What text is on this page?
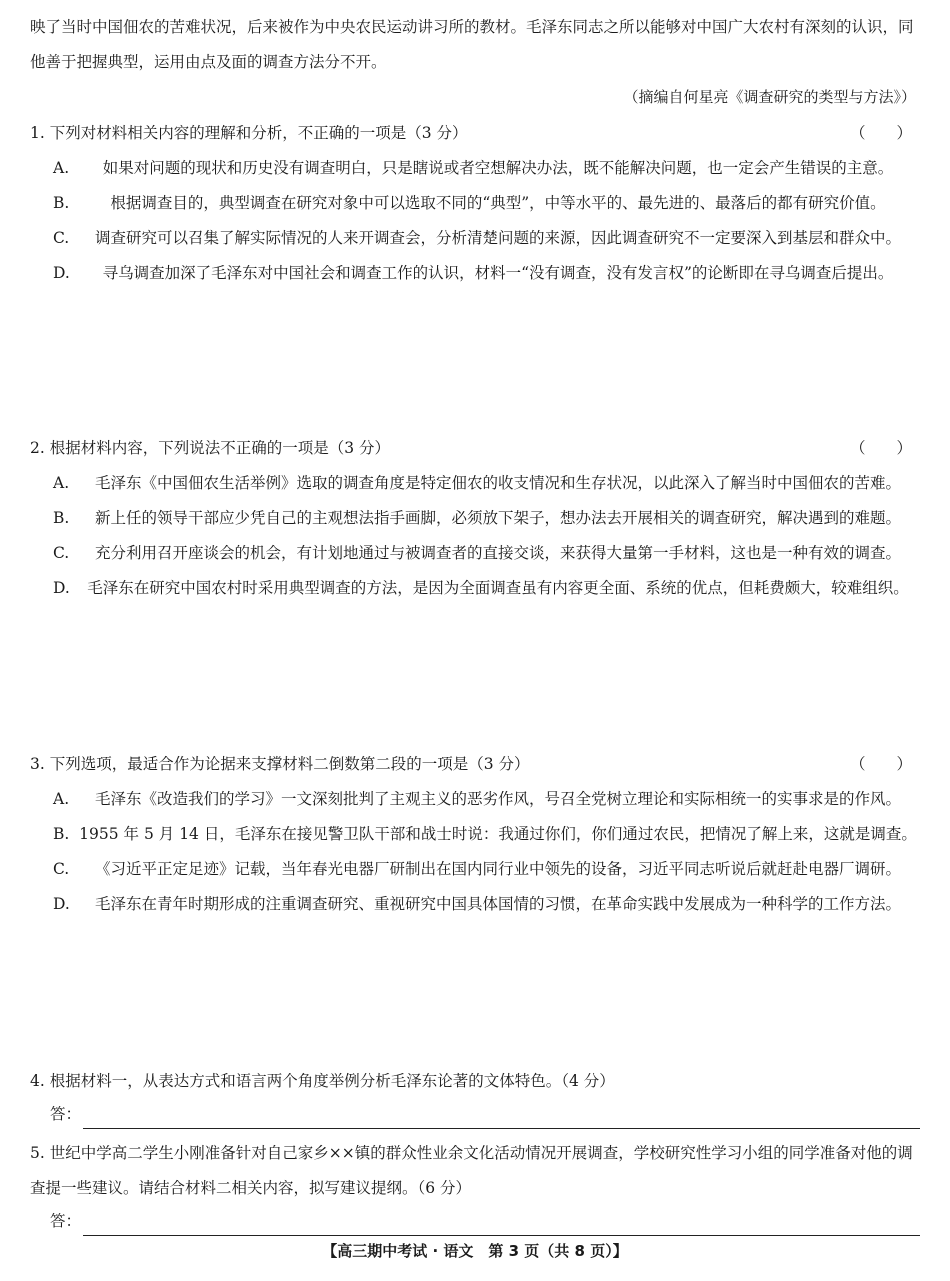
映了当时中国佃农的苦难状况，后来被作为中央农民运动讲习所的教材。毛泽东同志之所以能够对中国广大农村有深刻的认识，同他善于把握典型，运用由点及面的调查方法分不开。
（摘编自何星亮《调查研究的类型与方法》）
1. 下列对材料相关内容的理解和分析，不正确的一项是（3 分）	（　　）
A.	如果对问题的现状和历史没有调查明白，只是瞎说或者空想解决办法，既不能解决问题，也一定会产生错误的主意。
B.	根据调查目的，典型调查在研究对象中可以选取不同的“典型”，中等水平的、最先进的、最落后的都有研究价值。
C.	调查研究可以召集了解实际情况的人来开调查会，分析清楚问题的来源，因此调查研究不一定要深入到基层和群众中。
D.	寻乌调查加深了毛泽东对中国社会和调查工作的认识，材料一“没有调查，没有发言权”的论断即在寻乌调查后提出。
2. 根据材料内容，下列说法不正确的一项是（3 分）	（　　）
A.	毛泽东《中国佃农生活举例》选取的调查角度是特定佃农的收支情况和生存状况，以此深入了解当时中国佃农的苦难。
B.	新上任的领导干部应少凭自己的主观想法指手画脚，必须放下架子，想办法去开展相关的调查研究，解决遇到的难题。
C.	充分利用召开座谈会的机会，有计划地通过与被调查者的直接交谈，来获得大量第一手材料，这也是一种有效的调查。
D.	毛泽东在研究中国农村时采用典型调查的方法，是因为全面调查虽有内容更全面、系统的优点，但耗费颇大，较难组织。
3. 下列选项，最适合作为论据来支撑材料二倒数第二段的一项是（3 分）	（　　）
A.	毛泽东《改造我们的学习》一文深刻批判了主观主义的恶劣作风，号召全党树立理论和实际相统一的实事求是的作风。
B. 1955 年 5 月 14 日，毛泽东在接见警卫队干部和战士时说：我通过你们，你们通过农民，把情况了解上来，这就是调查。
C.	《习近平正定足迹》记载，当年春光电器厂研制出在国内同行业中领先的设备，习近平同志听说后就赶赴电器厂调研。
D.	毛泽东在青年时期形成的注重调查研究、重视研究中国具体国情的习惯，在革命实践中发展成为一种科学的工作方法。
4. 根据材料一，从表达方式和语言两个角度举例分析毛泽东论著的文体特色。（4 分）
答：
5. 世纪中学高二学生小刚准备针对自己家乡××镇的群众性业余文化活动情况开展调查，学校研究性学习小组的同学准备对他的调查提一些建议。请结合材料二相关内容，拟写建议提纲。（6 分）
答：
【高三期中考试 · 语文　第 3 页（共 8 页）】
